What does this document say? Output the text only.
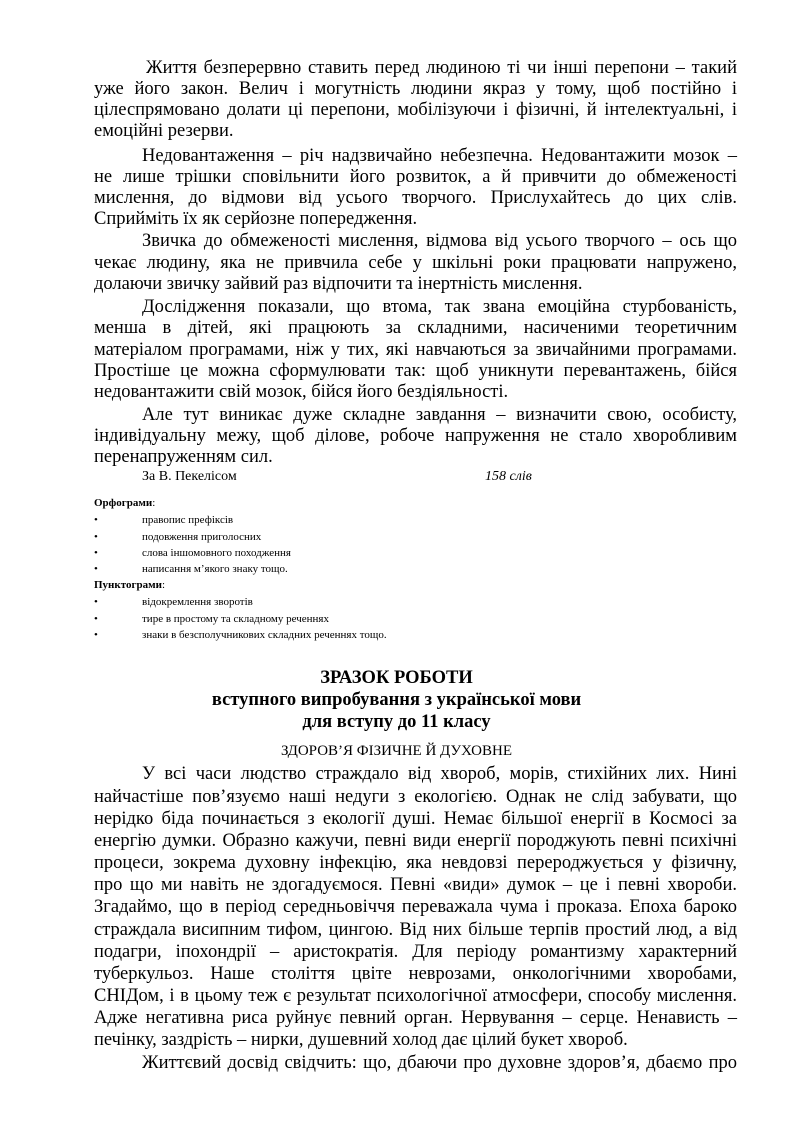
Життя безперервно ставить перед людиною ті чи інші перепони – такий
уже його закон. Велич і могутність людини якраз у тому, щоб постійно і
цілеспрямовано долати ці перепони, мобілізуючи і фізичні, й інтелектуальні, і
емоційні резерви.
Недовантаження – річ надзвичайно небезпечна. Недовантажити мозок –
не лише трішки сповільнити його розвиток, а й привчити до обмеженості
мислення, до відмови від усього творчого. Прислухайтесь до цих слів.
Сприйміть їх як серйозне попередження.
Звичка до обмеженості мислення, відмова від усього творчого – ось що
чекає людину, яка не привчила себе у шкільні роки працювати напружено,
долаючи звичку зайвий раз відпочити та інертність мислення.
Дослідження показали, що втома, так звана емоційна стурбованість,
менша в дітей, які працюють за складними, насиченими теоретичним
матеріалом програмами, ніж у тих, які навчаються за звичайними програмами.
Простіше це можна сформулювати так: щоб уникнути перевантажень, бійся
недовантажити свій мозок, бійся його бездіяльності.
Але тут виникає дуже складне завдання – визначити свою, особисту,
індивідуальну межу, щоб ділове, робоче напруження не стало хворобливим
перенапруженням сил.
За В. Пекелісом	158 слів
Орфограми:
•	правопис префіксів
•	подовження приголосних
•	слова іншомовного походження
•	написання м’якого знаку тощо.
Пунктограми:
•	відокремлення зворотів
•	тире в простому та складному реченнях
•	знаки в безсполучникових складних реченнях тощо.
ЗРАЗОК РОБОТИ
вступного випробування з української мови
для вступу до 11 класу
ЗДОРОВ’Я ФІЗИЧНЕ Й ДУХОВНЕ
У всі часи людство страждало від хвороб, морів, стихійних лих. Нині
найчастіше пов’язуємо наші недуги з екологією. Однак не слід забувати, що
нерідко біда починається з екології душі. Немає більшої енергії в Космосі за
енергію думки. Образно кажучи, певні види енергії породжують певні психічні
процеси, зокрема духовну інфекцію, яка невдовзі перероджується у фізичну,
про що ми навіть не здогадуємося. Певні «види» думок – це і певні хвороби.
Згадаймо, що в період середньовіччя переважала чума і проказа. Епоха бароко
страждала висипним тифом, цингою. Від них більше терпів простий люд, а від
подагри, іпохондрії – аристократія. Для періоду романтизму характерний
туберкульоз. Наше століття цвіте неврозами, онкологічними хворобами,
СНІДом, і в цьому теж є результат психологічної атмосфери, способу мислення.
Адже негативна риса руйнує певний орган. Нервування – серце. Ненависть –
печінку, заздрість – нирки, душевний холод дає цілий букет хвороб.
Життєвий досвід свідчить: що, дбаючи про духовне здоров’я, дбаємо про
